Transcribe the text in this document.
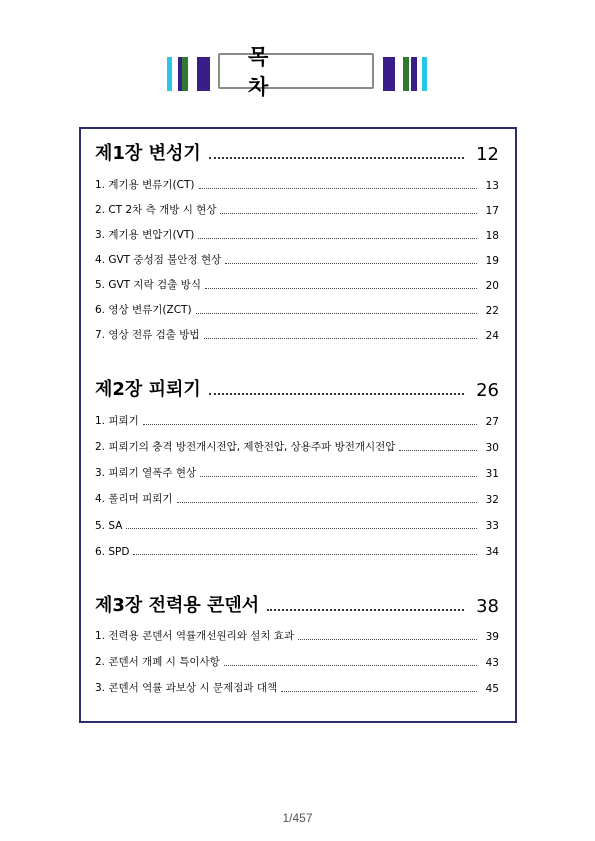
목 차
제1장 변성기	12
1. 계기용 변류기(CT)	13
2. CT 2차 측 개방 시 현상	17
3. 계기용 변압기(VT)	18
4. GVT 중성점 불안정 현상	19
5. GVT 지락 검출 방식	20
6. 영상 변류기(ZCT)	22
7. 영상 전류 검출 방법	24
제2장 피뢰기	26
1. 피뢰기	27
2. 피뢰기의 충격 방전개시전압, 제한전압, 상용주파 방전개시전압	30
3. 피뢰기 열폭주 현상	31
4. 폴리머 피뢰기	32
5. SA	33
6. SPD	34
제3장 전력용 콘덴서	38
1. 전력용 콘덴서 역률개선원리와 설치 효과	39
2. 콘덴서 개폐 시 특이사항	43
3. 콘덴서 역률 과보상 시 문제점과 대책	45
1/457
